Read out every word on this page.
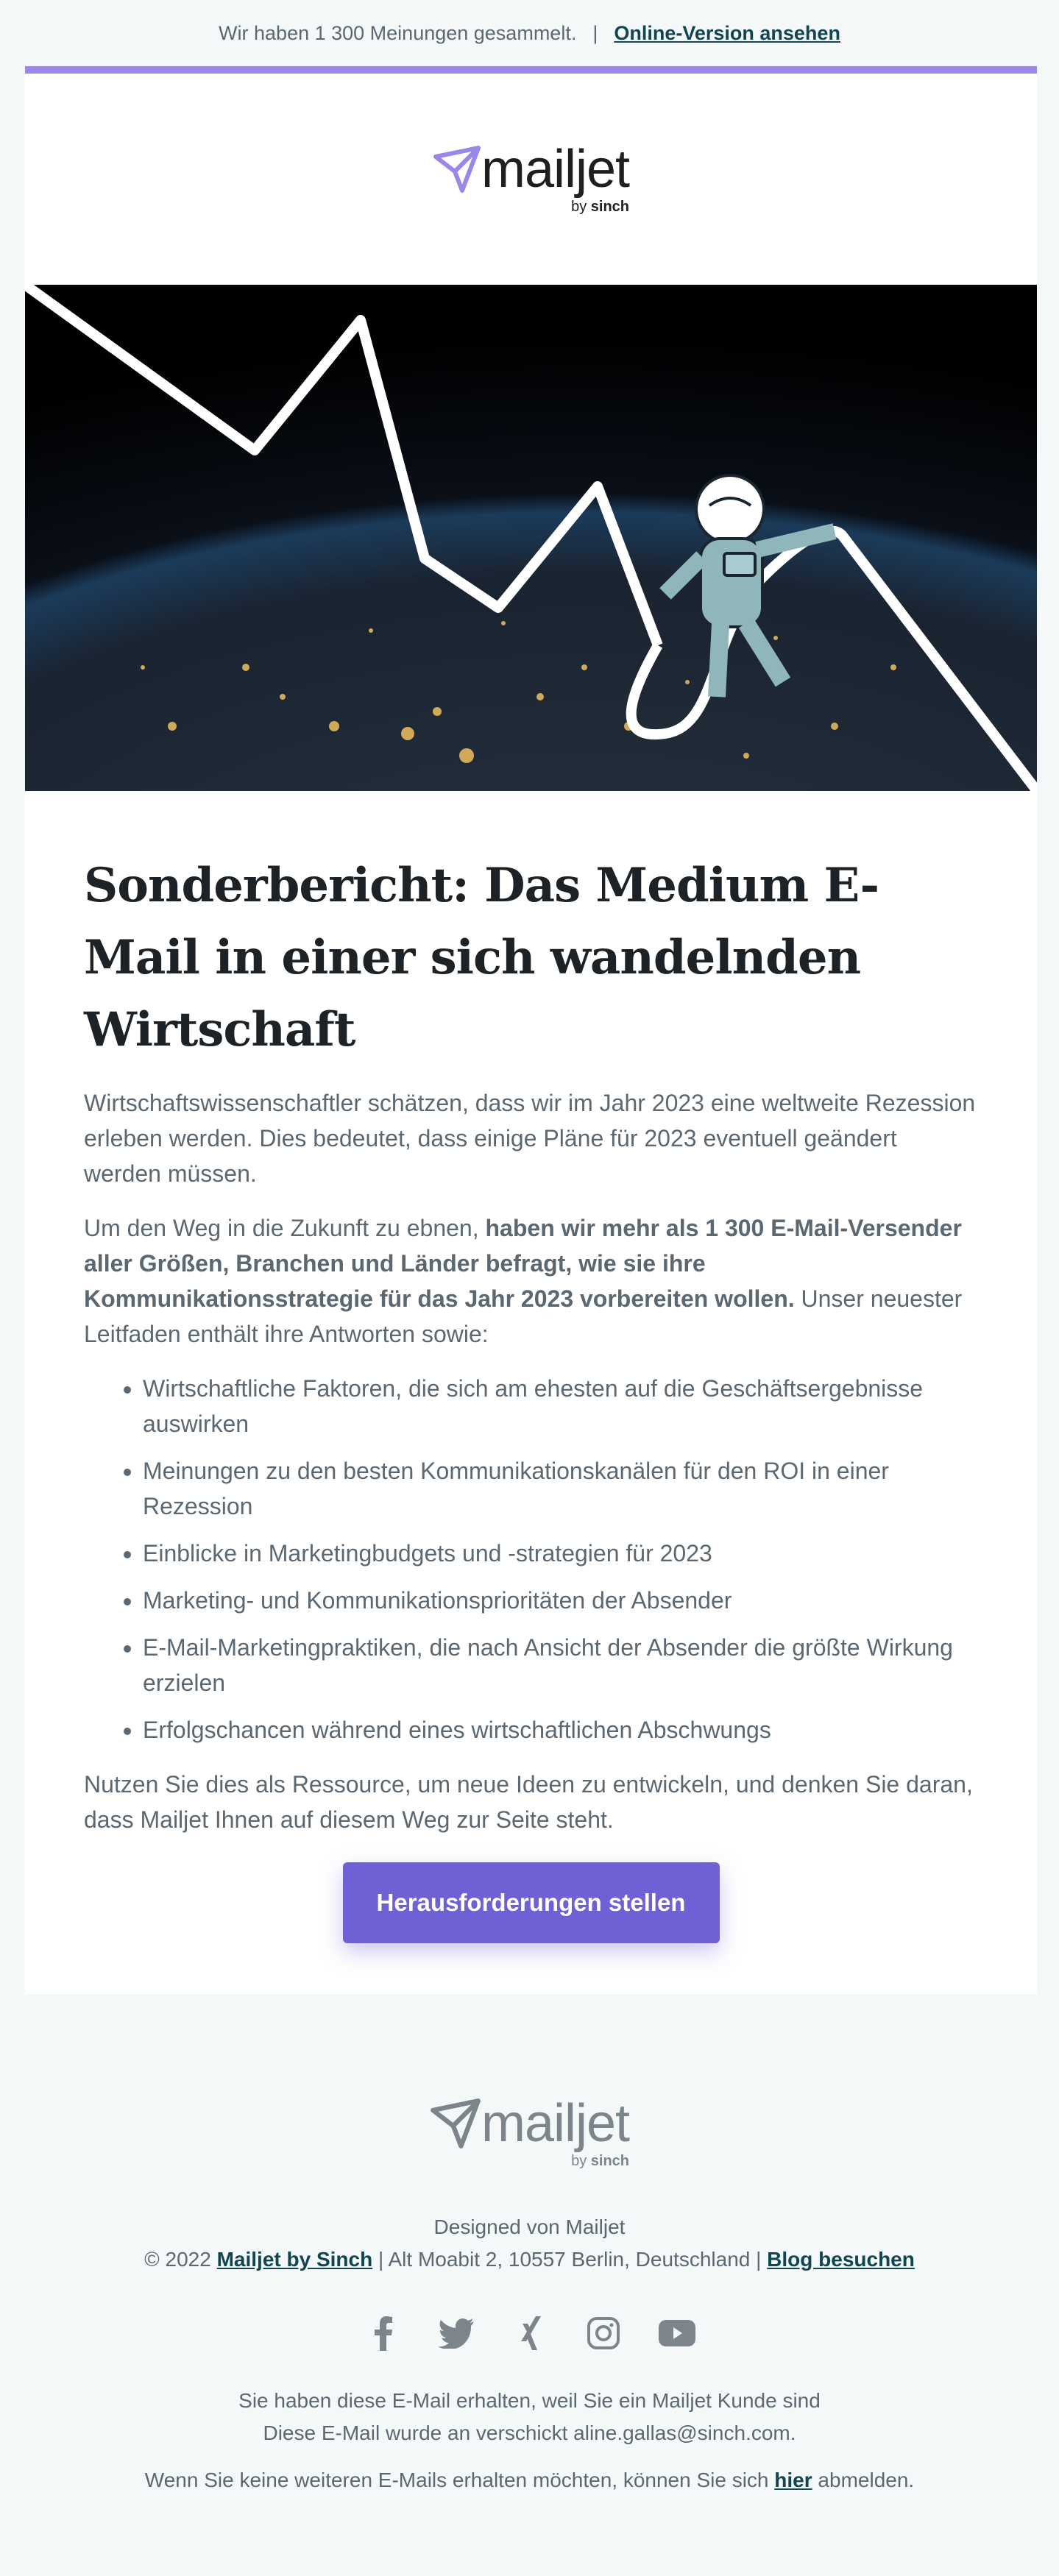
Wir haben 1 300 Meinungen gesammelt. | Online-Version ansehen
mailjet
by sinch
Sonderbericht: Das Medium E-Mail in einer sich wandelnden Wirtschaft

Wirtschaftswissenschaftler schätzen, dass wir im Jahr 2023 eine weltweite Rezession erleben werden. Dies bedeutet, dass einige Pläne für 2023 eventuell geändert werden müssen.

Um den Weg in die Zukunft zu ebnen, haben wir mehr als 1 300 E-Mail-Versender aller Größen, Branchen und Länder befragt, wie sie ihre Kommunikationsstrategie für das Jahr 2023 vorbereiten wollen. Unser neuester Leitfaden enthält ihre Antworten sowie:

• Wirtschaftliche Faktoren, die sich am ehesten auf die Geschäftsergebnisse auswirken
• Meinungen zu den besten Kommunikationskanälen für den ROI in einer Rezession
• Einblicke in Marketingbudgets und -strategien für 2023
• Marketing- und Kommunikationsprioritäten der Absender
• E-Mail-Marketingpraktiken, die nach Ansicht der Absender die größte Wirkung erzielen
• Erfolgschancen während eines wirtschaftlichen Abschwungs

Nutzen Sie dies als Ressource, um neue Ideen zu entwickeln, und denken Sie daran, dass Mailjet Ihnen auf diesem Weg zur Seite steht.

Herausforderungen stellen
mailjet
by sinch
Designed von Mailjet
© 2022 Mailjet by Sinch | Alt Moabit 2, 10557 Berlin, Deutschland | Blog besuchen
Sie haben diese E-Mail erhalten, weil Sie ein Mailjet Kunde sind
Diese E-Mail wurde an verschickt aline.gallas@sinch.com.
Wenn Sie keine weiteren E-Mails erhalten möchten, können Sie sich hier abmelden.
